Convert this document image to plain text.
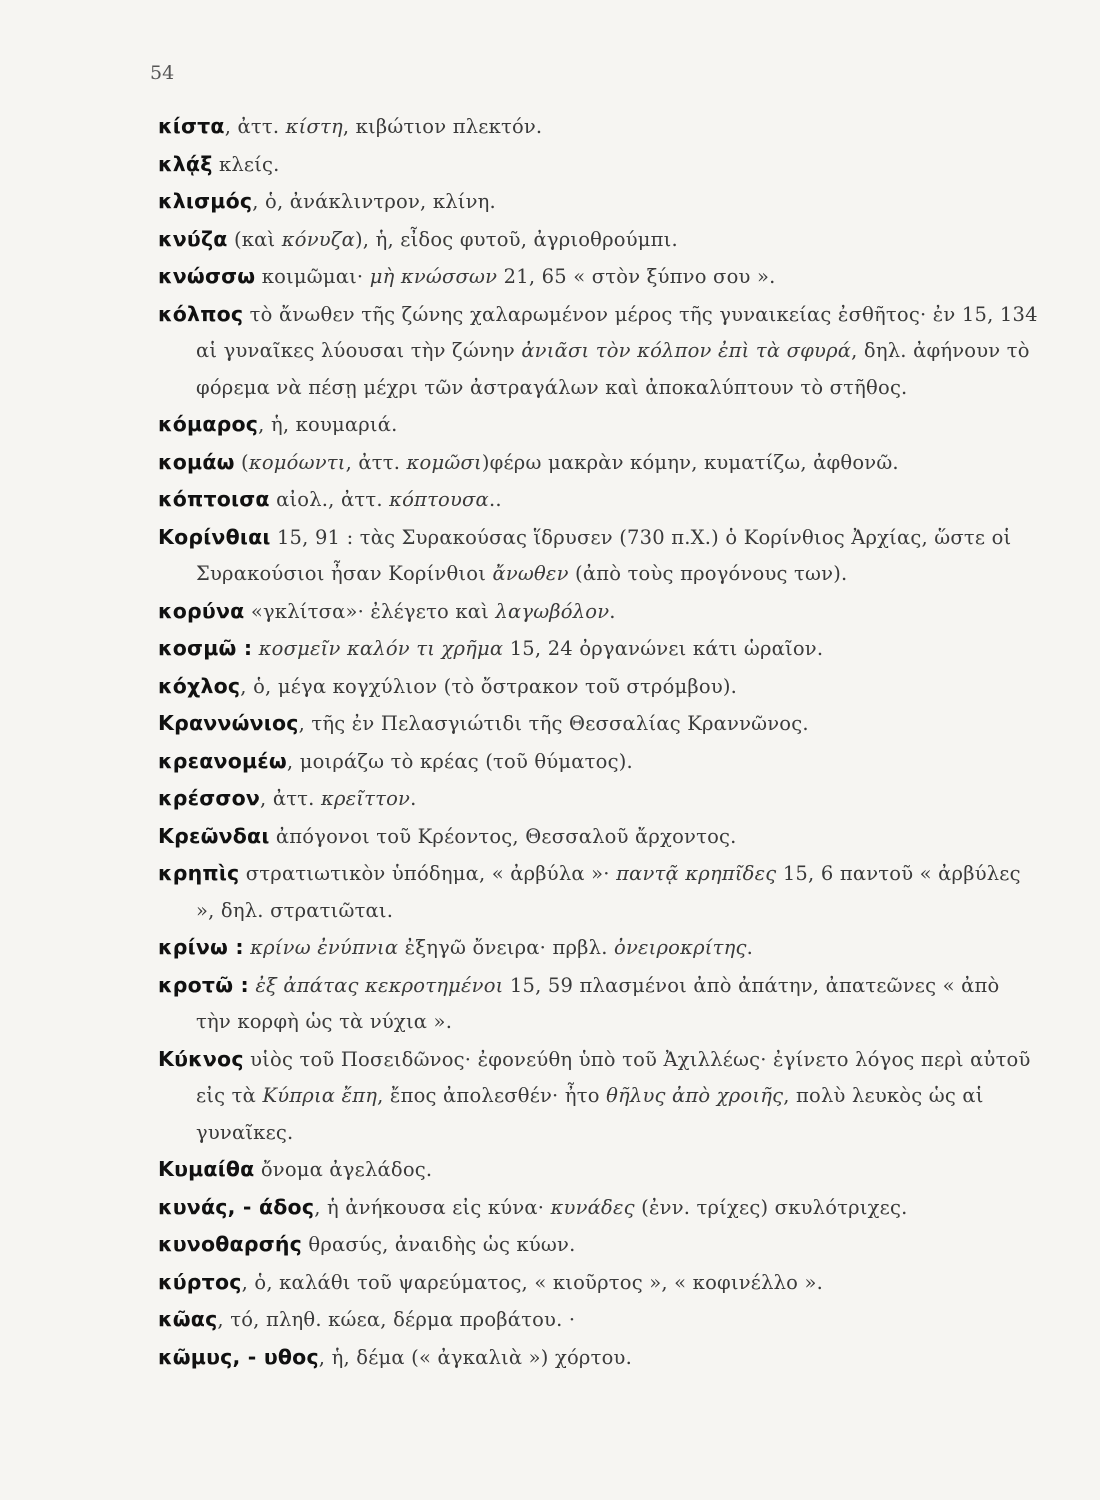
54
κίστα, ἀττ. κίστη, κιβώτιον πλεκτόν.
κλᾴξ κλείς.
κλισμός, ὁ, ἀνάκλιντρον, κλίνη.
κνύζα (καὶ κόνυζα), ἡ, εἶδος φυτοῦ, ἀγριοθρούμπι.
κνώσσω κοιμῶμαι· μὴ κνώσσων 21, 65 « στὸν ξύπνο σου ».
κόλπος τὸ ἄνωθεν τῆς ζώνης χαλαρωμένον μέρος τῆς γυναικείας ἐσθῆτος· ἐν 15, 134 αἱ γυναῖκες λύουσαι τὴν ζώνην ἀνιᾶσι τὸν κόλπον ἐπὶ τὰ σφυρά, δηλ. ἀφήνουν τὸ φόρεμα νὰ πέσῃ μέχρι τῶν ἀστραγάλων καὶ ἀποκαλύπτουν τὸ στῆθος.
κόμαρος, ἡ, κουμαριά.
κομάω (κομόωντι, ἀττ. κομῶσι)φέρω μακρὰν κόμην, κυματίζω, ἀφθονῶ.
κόπτοισα αἰολ., ἀττ. κόπτουσα..
Κορίνθιαι 15, 91 : τὰς Συρακούσας ἵδρυσεν (730 π.Χ.) ὁ Κορίνθιος Ἀρχίας, ὥστε οἱ Συρακούσιοι ἦσαν Κορίνθιοι ἄνωθεν (ἀπὸ τοὺς προγόνους των).
κορύνα «γκλίτσα»· ἐλέγετο καὶ λαγωβόλον.
κοσμῶ : κοσμεῖν καλόν τι χρῆμα 15, 24 ὀργανώνει κάτι ὡραῖον.
κόχλος, ὁ, μέγα κογχύλιον (τὸ ὄστρακον τοῦ στρόμβου).
Κραννώνιος, τῆς ἐν Πελασγιώτιδι τῆς Θεσσαλίας Κραννῶνος.
κρεανομέω, μοιράζω τὸ κρέας (τοῦ θύματος).
κρέσσον, ἀττ. κρεῖττον.
Κρεῶνδαι ἀπόγονοι τοῦ Κρέοντος, Θεσσαλοῦ ἄρχοντος.
κρηπὶς στρατιωτικὸν ὑπόδημα, « ἀρβύλα »· παντᾷ κρηπῖδες 15, 6 παντοῦ « ἀρβύλες », δηλ. στρατιῶται.
κρίνω : κρίνω ἐνύπνια ἐξηγῶ ὄνειρα· πρβλ. ὀνειροκρίτης.
κροτῶ : ἐξ ἀπάτας κεκροτημένοι 15, 59 πλασμένοι ἀπὸ ἀπάτην, ἀπατεῶνες « ἀπὸ τὴν κορφὴ ὡς τὰ νύχια ».
Κύκνος υἱὸς τοῦ Ποσειδῶνος· ἐφονεύθη ὑπὸ τοῦ Ἀχιλλέως· ἐγίνετο λόγος περὶ αὐτοῦ εἰς τὰ Κύπρια ἔπη, ἔπος ἀπολεσθέν· ἦτο θῆλυς ἀπὸ χροιῆς, πολὺ λευκὸς ὡς αἱ γυναῖκες.
Κυμαίθα ὄνομα ἀγελάδος.
κυνάς, - άδος, ἡ ἀνήκουσα εἰς κύνα· κυνάδες (ἐνν. τρίχες) σκυλότριχες.
κυνοθαρσής θρασύς, ἀναιδὴς ὡς κύων.
κύρτος, ὁ, καλάθι τοῦ ψαρεύματος, « κιοῦρτος », « κοφινέλλο ».
κῶας, τό, πληθ. κώεα, δέρμα προβάτου. ·
κῶμυς, - υθος, ἡ, δέμα (« ἀγκαλιὰ ») χόρτου.
